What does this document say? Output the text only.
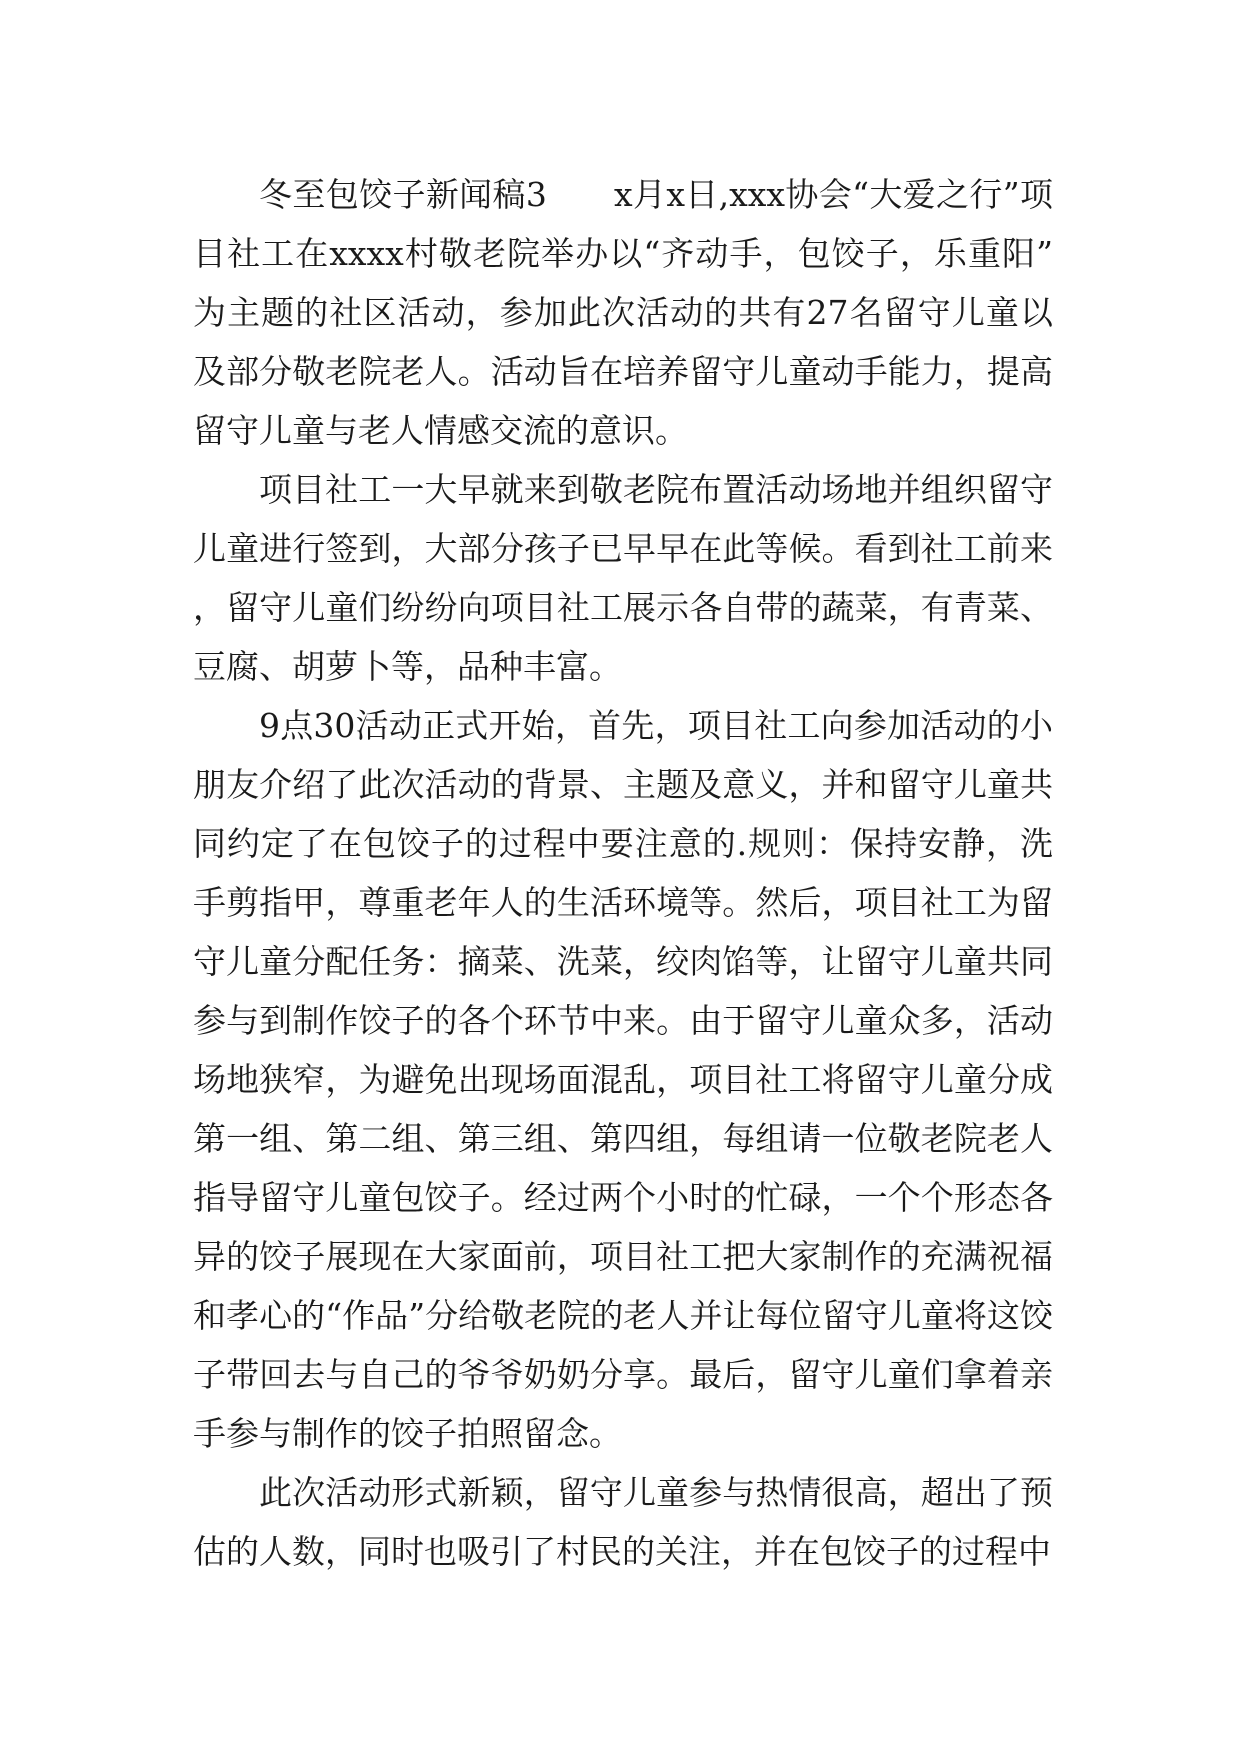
冬至包饺子新闻稿3　　x月x日,xxx协会“大爱之行”项目社工在xxxx村敬老院举办以“齐动手，包饺子，乐重阳”为主题的社区活动，参加此次活动的共有27名留守儿童以及部分敬老院老人。活动旨在培养留守儿童动手能力，提高留守儿童与老人情感交流的意识。

项目社工一大早就来到敬老院布置活动场地并组织留守儿童进行签到，大部分孩子已早早在此等候。看到社工前来，留守儿童们纷纷向项目社工展示各自带的蔬菜，有青菜、豆腐、胡萝卜等，品种丰富。

9点30活动正式开始，首先，项目社工向参加活动的小朋友介绍了此次活动的背景、主题及意义，并和留守儿童共同约定了在包饺子的过程中要注意的.规则：保持安静，洗手剪指甲，尊重老年人的生活环境等。然后，项目社工为留守儿童分配任务：摘菜、洗菜，绞肉馅等，让留守儿童共同参与到制作饺子的各个环节中来。由于留守儿童众多，活动场地狭窄，为避免出现场面混乱，项目社工将留守儿童分成第一组、第二组、第三组、第四组，每组请一位敬老院老人指导留守儿童包饺子。经过两个小时的忙碌，一个个形态各异的饺子展现在大家面前，项目社工把大家制作的充满祝福和孝心的“作品”分给敬老院的老人并让每位留守儿童将这饺子带回去与自己的爷爷奶奶分享。最后，留守儿童们拿着亲手参与制作的饺子拍照留念。

此次活动形式新颖，留守儿童参与热情很高，超出了预估的人数，同时也吸引了村民的关注，并在包饺子的过程中
